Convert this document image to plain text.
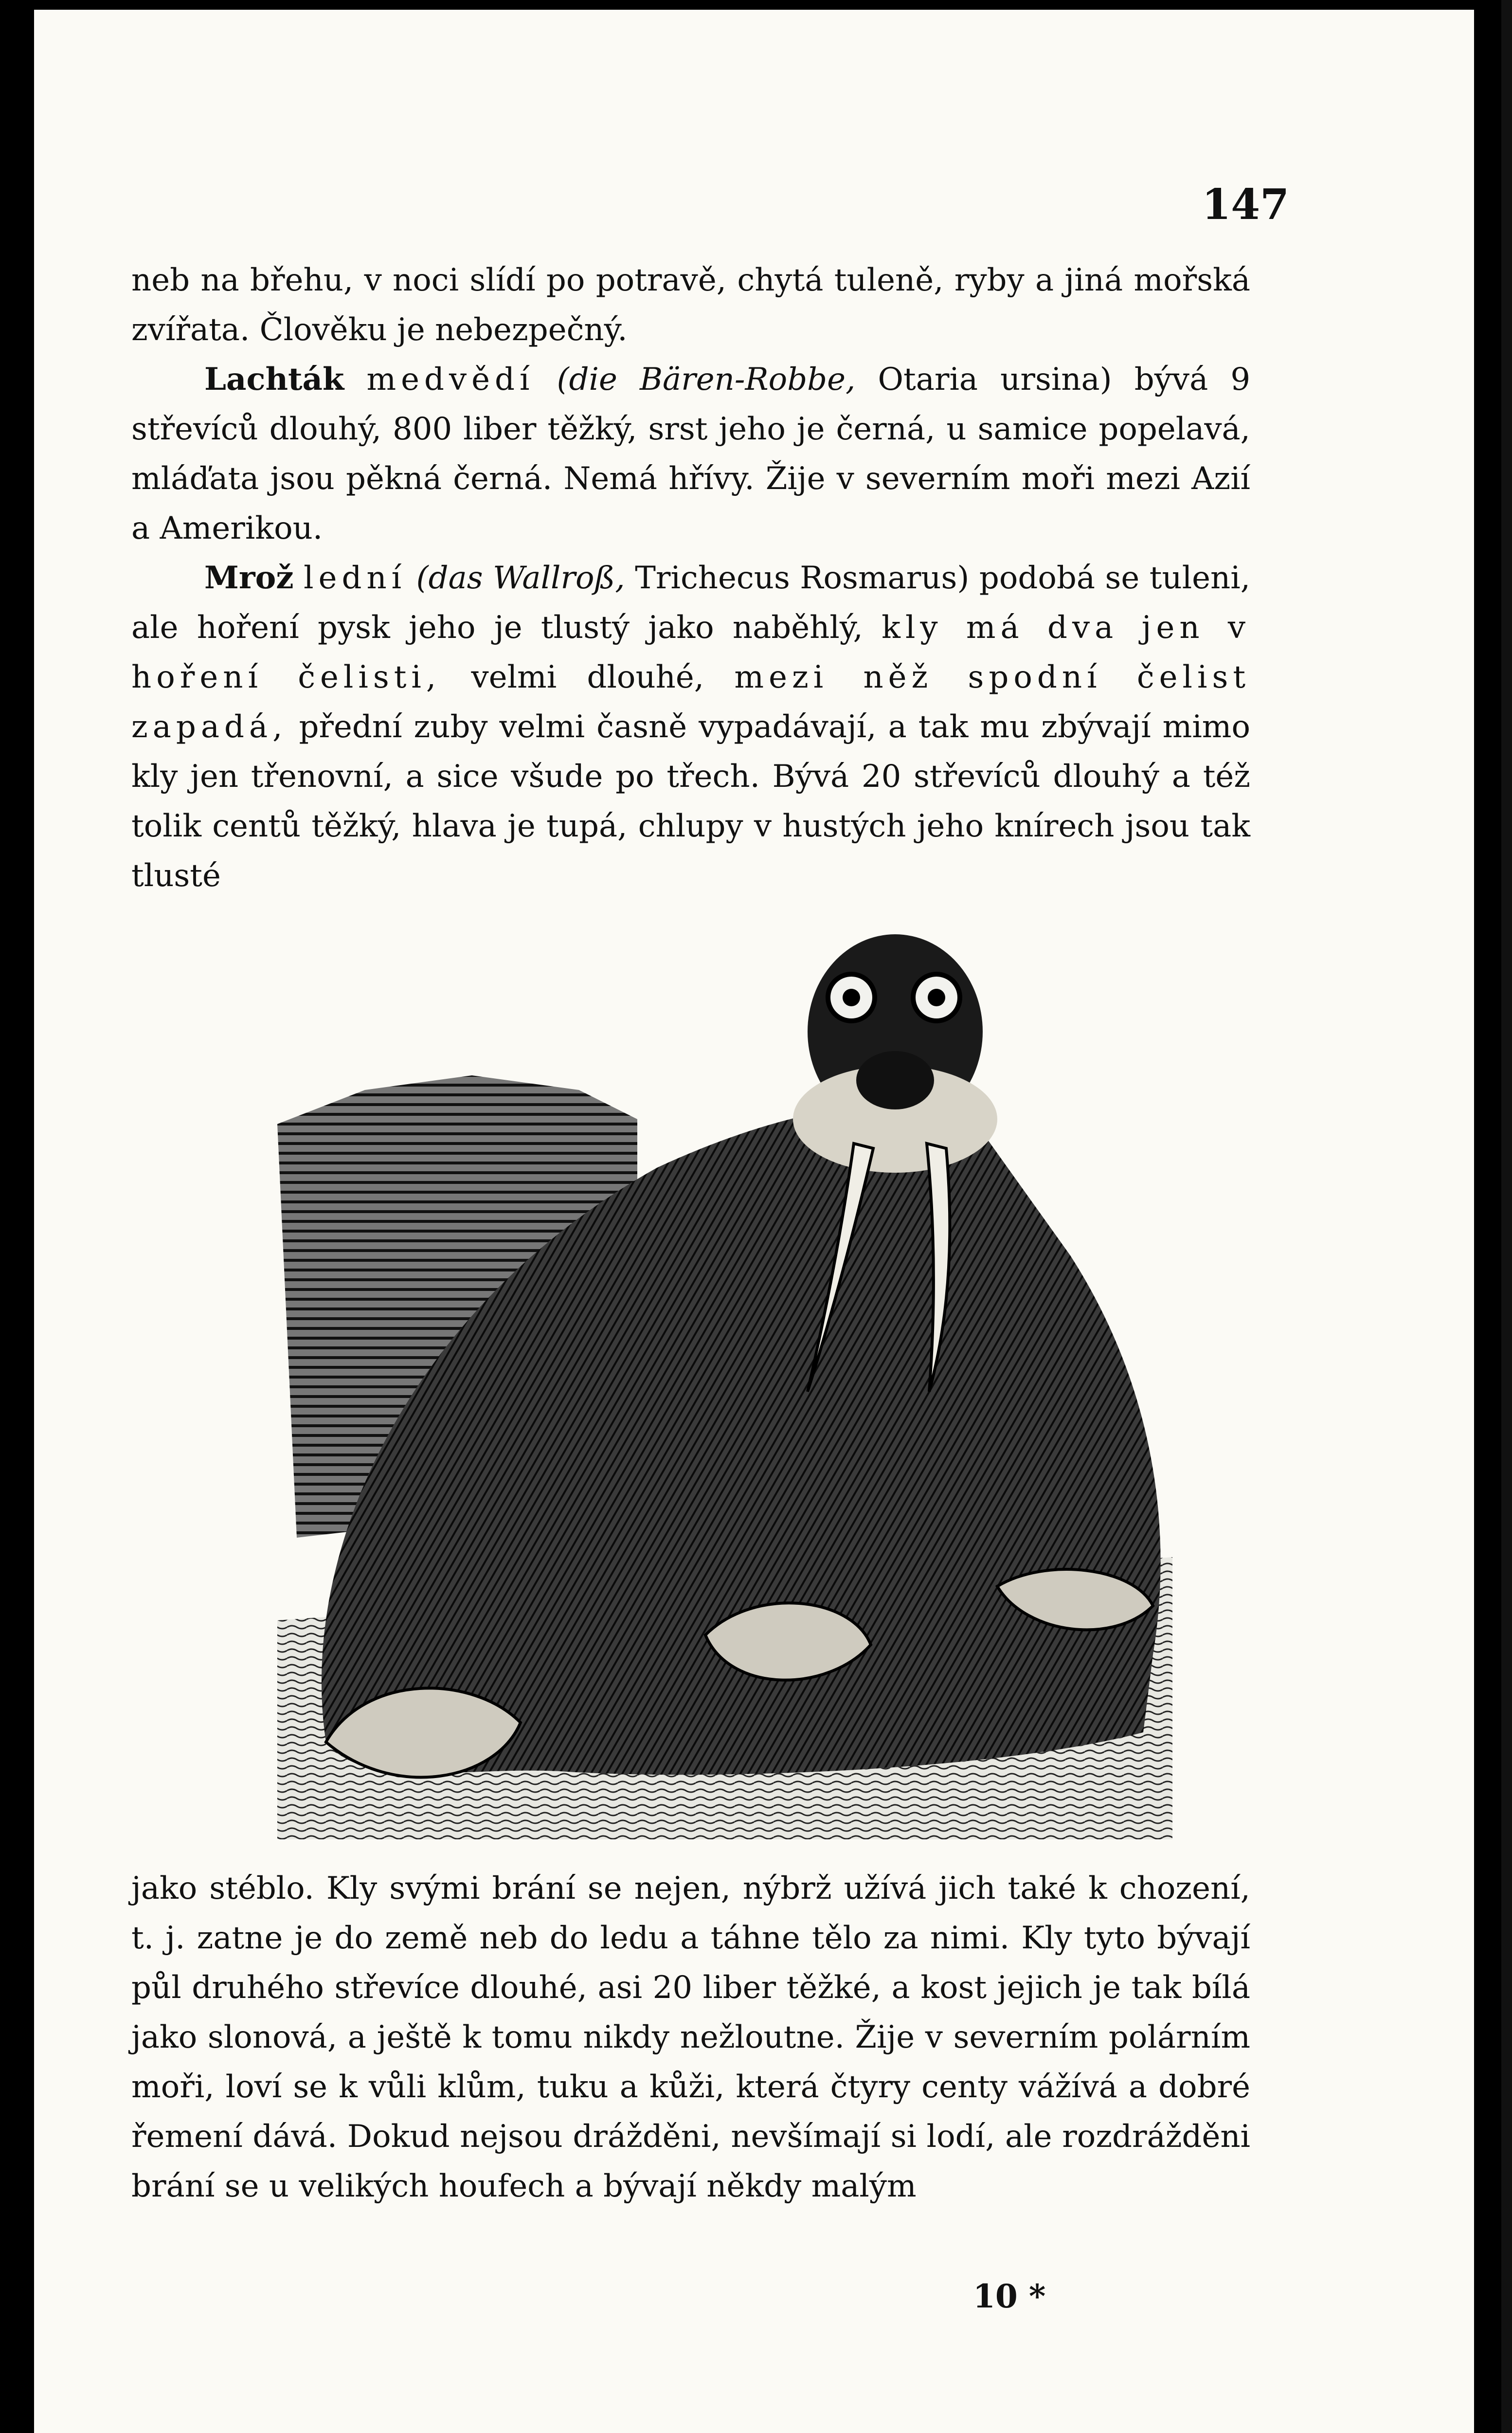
147

neb na břehu, v noci slídí po potravě, chytá tuleně, ryby a jiná mořská zvířata. Člověku je nebezpečný.

Lachták medvědí (die Bären-Robbe, Otaria ursina) bývá 9 střevíců dlouhý, 800 liber těžký, srst jeho je černá, u samice popelavá, mláďata jsou pěkná černá. Nemá hřívy. Žije v severním moři mezi Azií a Amerikou.

Mrož lední (das Wallroß, Trichecus Rosmarus) podobá se tuleni, ale hoření pysk jeho je tlustý jako naběhlý, kly má dva jen v hoření čelisti, velmi dlouhé, mezi něž spodní čelist zapadá, přední zuby velmi časně vypadávají, a tak mu zbývají mimo kly jen třenovní, a sice všude po třech. Bývá 20 střevíců dlouhý a též tolik centů těžký, hlava je tupá, chlupy v hustých jeho knírech jsou tak tlusté

jako stéblo. Kly svými brání se nejen, nýbrž užívá jich také k chození, t. j. zatne je do země neb do ledu a táhne tělo za nimi. Kly tyto bývají půl druhého střevíce dlouhé, asi 20 liber těžké, a kost jejich je tak bílá jako slonová, a ještě k tomu nikdy nežloutne. Žije v severním polárním moři, loví se k vůli klům, tuku a kůži, která čtyry centy vážívá a dobré řemení dává. Dokud nejsou drážděni, nevšímají si lodí, ale rozdrážděni brání se u velikých houfech a bývají někdy malým

10 *
